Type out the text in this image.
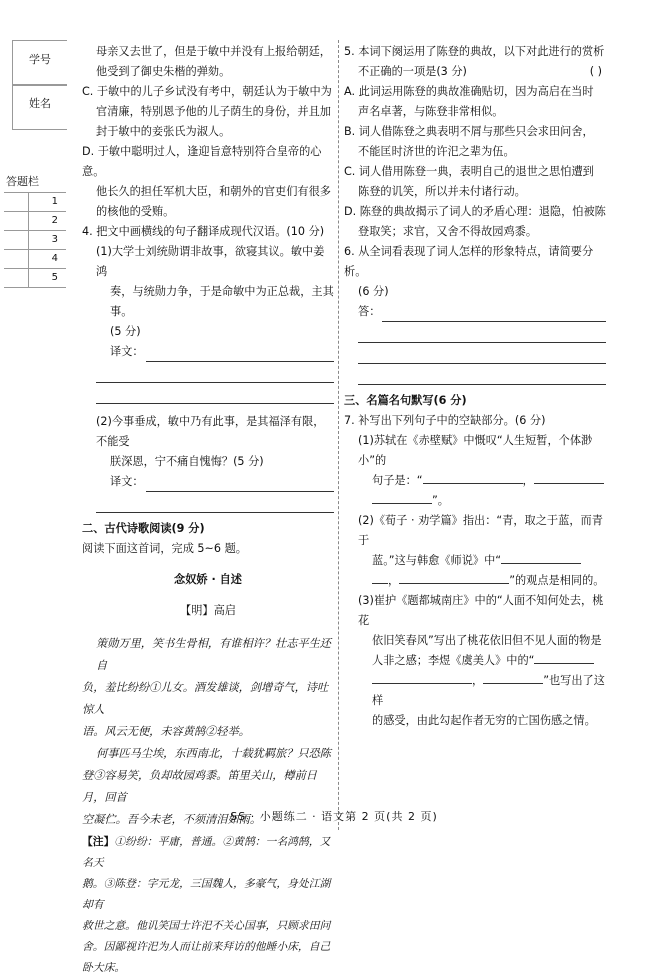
学号
姓名
答题栏
1
2
3
4
5

母亲又去世了，但是于敏中并没有上报给朝廷，

他受到了御史朱楷的弹劾。

C. 于敏中的儿子乡试没有考中，朝廷认为于敏中为

官清廉，特别恩予他的儿子荫生的身份，并且加

封于敏中的妾张氏为淑人。

D. 于敏中聪明过人，逢迎旨意特别符合皇帝的心意。

他长久的担任军机大臣，和朝外的官吏们有很多

的核他的受贿。

4. 把文中画横线的句子翻译成现代汉语。(10 分)

(1)大学士刘统勋谓非故事，欲寝其议。敏中姜鸿

奏，与统勋力争，于是命敏中为正总裁，主其事。

(5 分)

译文：

(2)今事垂成，敏中乃有此事，是其福泽有限，不能受

朕深恩，宁不痛自愧悔？(5 分)

译文：

二、古代诗歌阅读(9 分)

阅读下面这首词，完成 5~6 题。

念奴娇 · 自述

【明】高启

策勋万里，笑书生骨相，有谁相许？壮志平生还自

负，羞比纷纷①儿女。酒发雄谈，剑增奇气，诗吐惊人

语。风云无便，未容黄鹄②轻举。

何事匹马尘埃，东西南北，十载犹羁旅？只恐陈

登③容易笑，负却故园鸡黍。笛里关山，樽前日月，回首

空凝伫。吾今未老，不须清泪如雨。

【注】①纷纷：平庸，普通。②黄鹄：一名鸿鹄，又名天

鹅。③陈登：字元龙，三国魏人，多豪气，身处江湖却有

救世之意。他讥笑国士许汜不关心国事，只顾求田问

舍。因鄙视许汜为人而让前来拜访的他睡小床，自己

卧大床。

5. 本词下阕运用了陈登的典故，以下对此进行的赏析

不正确的一项是(3 分)	( )

A. 此词运用陈登的典故准确贴切，因为高启在当时

声名卓著，与陈登非常相似。

B. 词人借陈登之典表明不屑与那些只会求田问舍，

不能匡时济世的许汜之辈为伍。

C. 词人借用陈登一典，表明自己的退世之思怕遭到

陈登的讥笑，所以并未付诸行动。

D. 陈登的典故揭示了词人的矛盾心理：退隐，怕被陈

登取笑；求官，又舍不得故园鸡黍。

6. 从全词看表现了词人怎样的形象特点，请简要分析。

(6 分)

答：

三、名篇名句默写(6 分)

7. 补写出下列句子中的空缺部分。(6 分)

(1)苏轼在《赤壁赋》中慨叹“人生短暂，个体渺小”的

句子是：“	，

”。

(2)《荀子 · 劝学篇》指出：“青，取之于蓝，而青于

蓝。”这与韩愈《师说》中“

，	”的观点是相同的。

(3)崔护《题都城南庄》中的“人面不知何处去，桃花

依旧笑春风”写出了桃花依旧但不见人面的物是

人非之感；李煜《虞美人》中的“

，	”也写出了这样

的感受，由此勾起作者无穷的亡国伤感之情。

SS · 小题练二 · 语文第 2 页(共 2 页)
